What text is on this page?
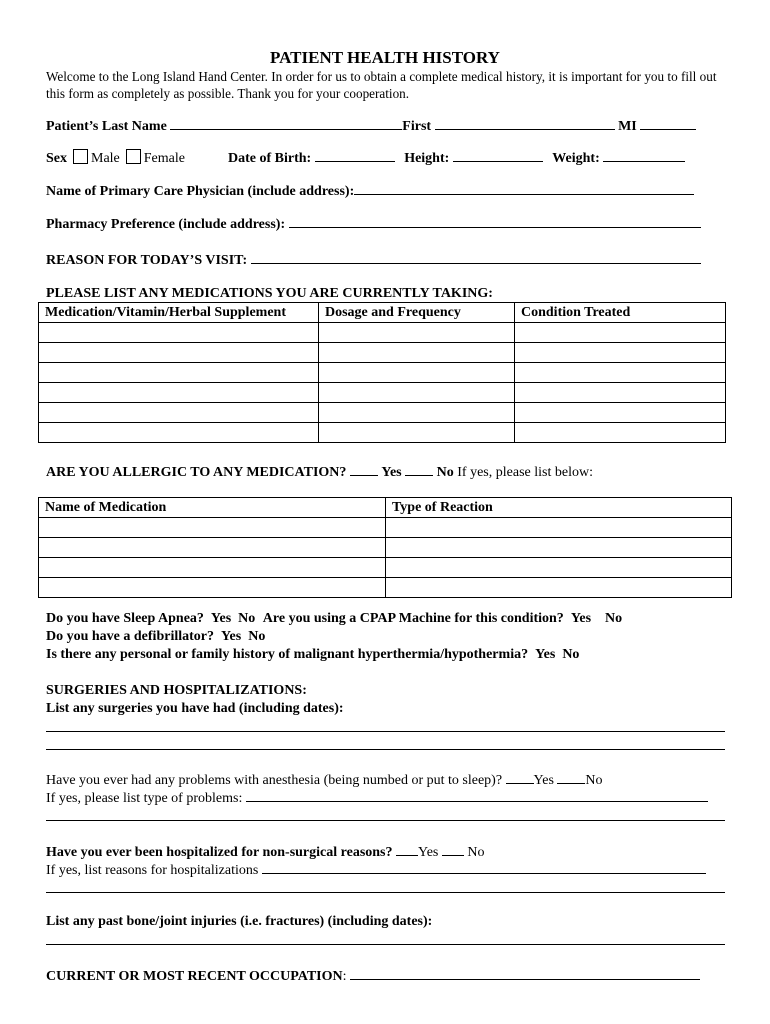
PATIENT HEALTH HISTORY
Welcome to the Long Island Hand Center. In order for us to obtain a complete medical history, it is important for you to fill out this form as completely as possible. Thank you for your cooperation.
Patient’s Last Name	First	MI
Sex Male Female	Date of Birth:	Height:	Weight:
Name of Primary Care Physician (include address):
Pharmacy Preference (include address):
REASON FOR TODAY’S VISIT:
PLEASE LIST ANY MEDICATIONS YOU ARE CURRENTLY TAKING:
Medication/Vitamin/Herbal Supplement	Dosage and Frequency	Condition Treated

ARE YOU ALLERGIC TO ANY MEDICATION?	Yes	No If yes, please list below:
Name of Medication	Type of Reaction

Do you have Sleep Apnea? Yes No Are you using a CPAP Machine for this condition? Yes No
Do you have a defibrillator? Yes No
Is there any personal or family history of malignant hyperthermia/hypothermia? Yes No
SURGERIES AND HOSPITALIZATIONS:
List any surgeries you have had (including dates):
Have you ever had any problems with anesthesia (being numbed or put to sleep)? Yes No
If yes, please list type of problems:
Have you ever been hospitalized for non-surgical reasons? Yes No
If yes, list reasons for hospitalizations
List any past bone/joint injuries (i.e. fractures) (including dates):
CURRENT OR MOST RECENT OCCUPATION:
